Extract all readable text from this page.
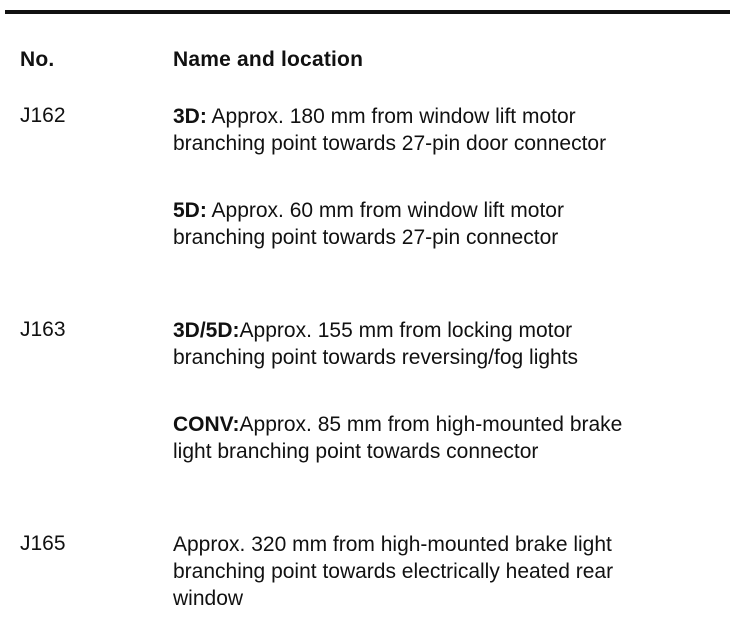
No.	Name and location
J162	3D: Approx. 180 mm from window lift motor branching point towards 27-pin door connector
5D: Approx. 60 mm from window lift motor branching point towards 27-pin connector
J163	3D/5D:Approx. 155 mm from locking motor branching point towards reversing/fog lights
CONV:Approx. 85 mm from high-mounted brake light branching point towards connector
J165	Approx. 320 mm from high-mounted brake light branching point towards electrically heated rear window
